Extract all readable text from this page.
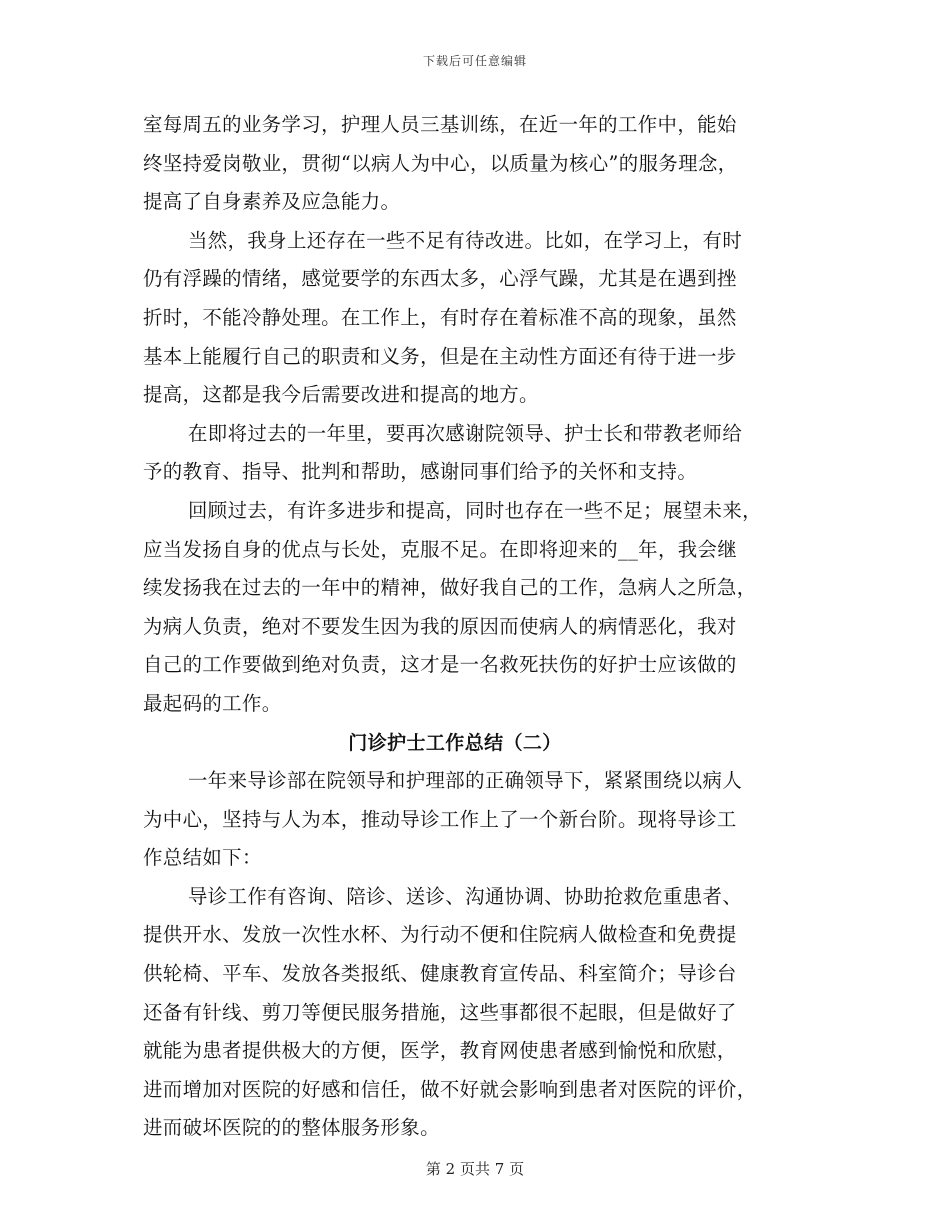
下载后可任意编辑
室每周五的业务学习，护理人员三基训练，在近一年的工作中，能始
终坚持爱岗敬业，贯彻“以病人为中心，以质量为核心”的服务理念，
提高了自身素养及应急能力。
当然，我身上还存在一些不足有待改进。比如，在学习上，有时
仍有浮躁的情绪，感觉要学的东西太多，心浮气躁，尤其是在遇到挫
折时，不能冷静处理。在工作上，有时存在着标准不高的现象，虽然
基本上能履行自己的职责和义务，但是在主动性方面还有待于进一步
提高，这都是我今后需要改进和提高的地方。
在即将过去的一年里，要再次感谢院领导、护士长和带教老师给
予的教育、指导、批判和帮助，感谢同事们给予的关怀和支持。
回顾过去，有许多进步和提高，同时也存在一些不足；展望未来，
应当发扬自身的优点与长处，克服不足。在即将迎来的__年，我会继
续发扬我在过去的一年中的精神，做好我自己的工作，急病人之所急，
为病人负责，绝对不要发生因为我的原因而使病人的病情恶化，我对
自己的工作要做到绝对负责，这才是一名救死扶伤的好护士应该做的
最起码的工作。
门诊护士工作总结（二）
一年来导诊部在院领导和护理部的正确领导下，紧紧围绕以病人
为中心，坚持与人为本，推动导诊工作上了一个新台阶。现将导诊工
作总结如下：
导诊工作有咨询、陪诊、送诊、沟通协调、协助抢救危重患者、
提供开水、发放一次性水杯、为行动不便和住院病人做检查和免费提
供轮椅、平车、发放各类报纸、健康教育宣传品、科室简介；导诊台
还备有针线、剪刀等便民服务措施，这些事都很不起眼，但是做好了
就能为患者提供极大的方便，医学，教育网使患者感到愉悦和欣慰，
进而增加对医院的好感和信任，做不好就会影响到患者对医院的评价，
进而破坏医院的的整体服务形象。
第 2 页共 7 页
